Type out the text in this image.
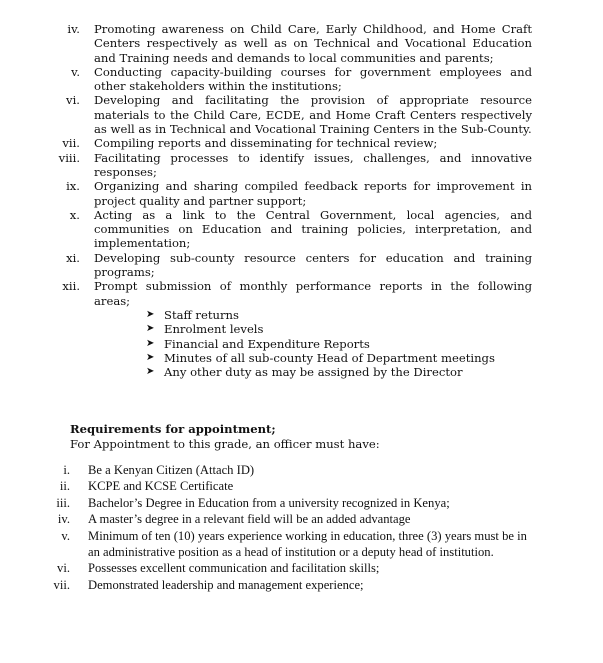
iv.	Promoting awareness on Child Care, Early Childhood, and Home Craft Centers respectively as well as on Technical and Vocational Education and Training needs and demands to local communities and parents;
v.	Conducting capacity-building courses for government employees and other stakeholders within the institutions;
vi.	Developing and facilitating the provision of appropriate resource materials to the Child Care, ECDE, and Home Craft Centers respectively as well as in Technical and Vocational Training Centers in the Sub-County.
vii.	Compiling reports and disseminating for technical review;
viii.	Facilitating processes to identify issues, challenges, and innovative responses;
ix.	Organizing and sharing compiled feedback reports for improvement in project quality and partner support;
x.	Acting as a link to the Central Government, local agencies, and communities on Education and training policies, interpretation, and implementation;
xi.	Developing sub-county resource centers for education and training programs;
xii.	Prompt submission of monthly performance reports in the following areas;
➤ Staff returns
➤ Enrolment levels
➤ Financial and Expenditure Reports
➤ Minutes of all sub-county Head of Department meetings
➤ Any other duty as may be assigned by the Director
Requirements for appointment;
For Appointment to this grade, an officer must have:
i.	Be a Kenyan Citizen (Attach ID)
ii.	KCPE and KCSE Certificate
iii.	Bachelor’s Degree in Education from a university recognized in Kenya;
iv.	A master’s degree in a relevant field will be an added advantage
v.	Minimum of ten (10) years experience working in education, three (3) years must be in an administrative position as a head of institution or a deputy head of institution.
vi.	Possesses excellent communication and facilitation skills;
vii.	Demonstrated leadership and management experience;
